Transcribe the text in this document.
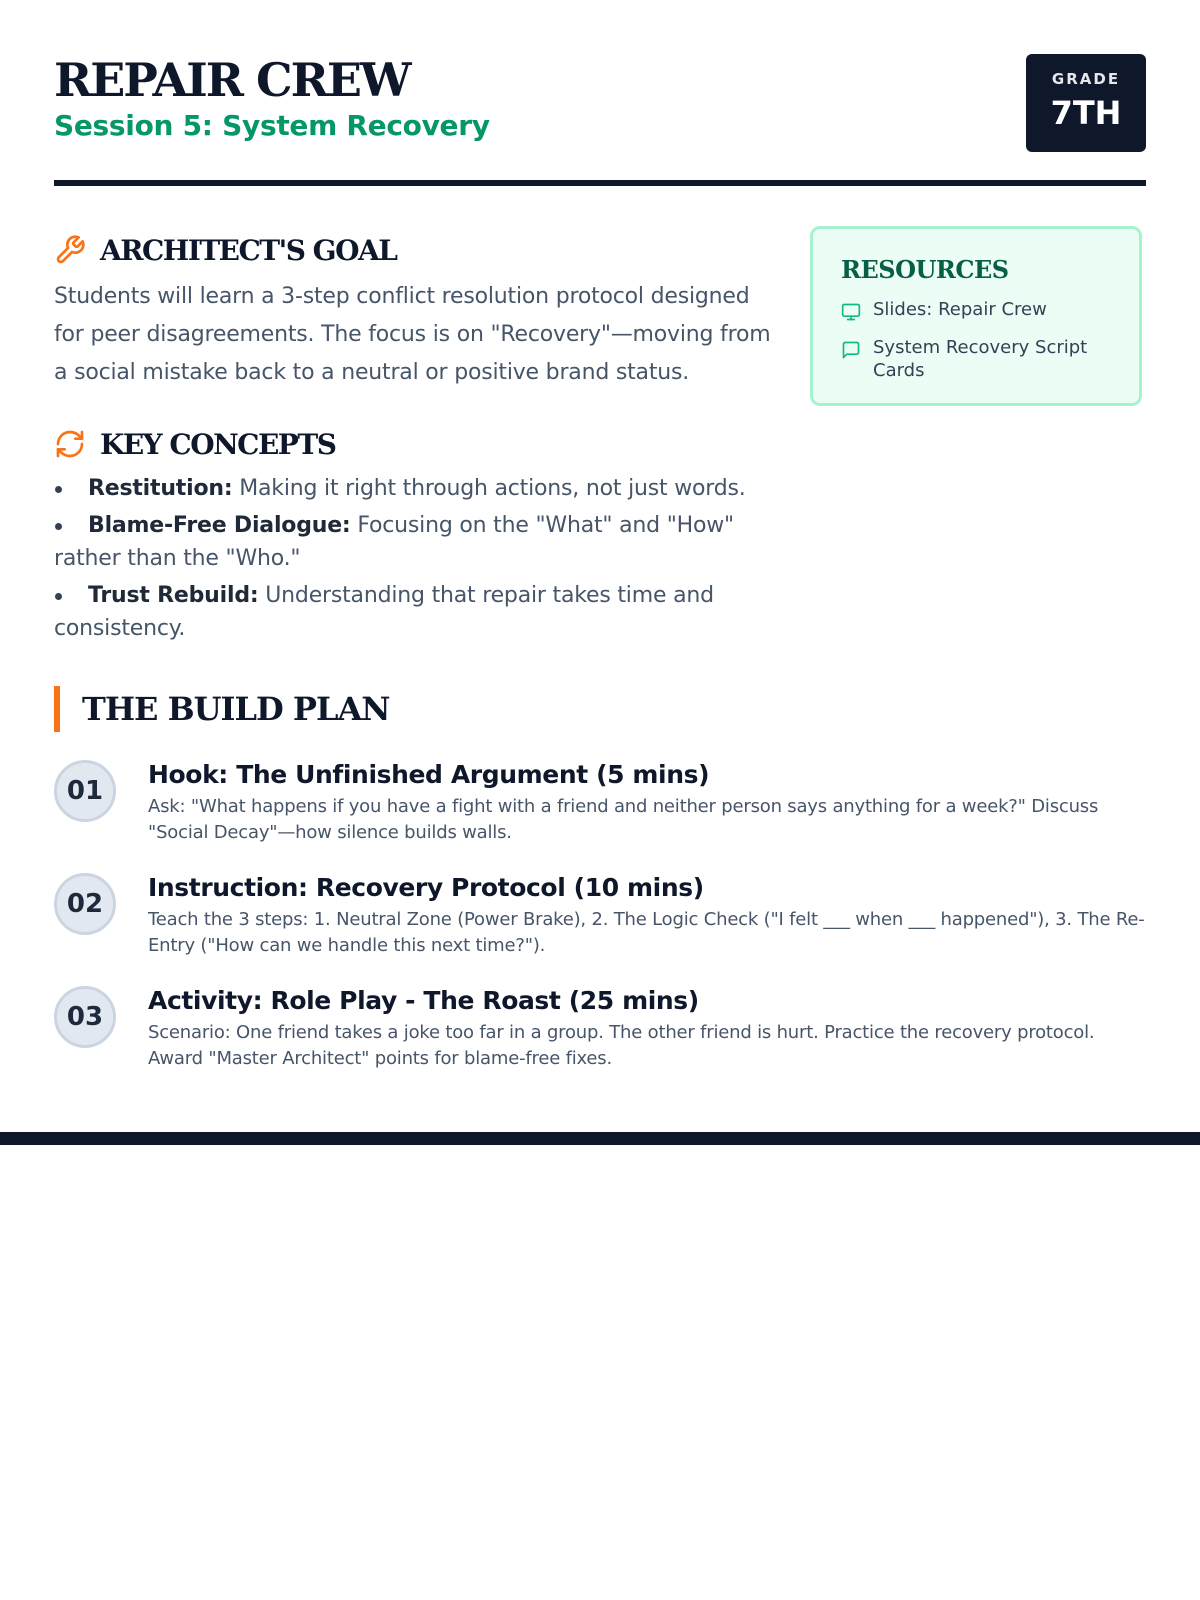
REPAIR CREW

Session 5: System Recovery

GRADE
7TH
ARCHITECT'S GOAL

Students will learn a 3-step conflict resolution protocol designed for peer disagreements. The focus is on "Recovery"—moving from a social mistake back to a neutral or positive brand status.

KEY CONCEPTS
Restitution: Making it right through actions, not just words.
Blame-Free Dialogue: Focusing on the "What" and "How" rather than the "Who."
Trust Rebuild: Understanding that repair takes time and consistency.
RESOURCES
Slides: Repair Crew
System Recovery Script Cards
THE BUILD PLAN
01
Hook: The Unfinished Argument (5 mins)

Ask: "What happens if you have a fight with a friend and neither person says anything for a week?" Discuss "Social Decay"—how silence builds walls.

02
Instruction: Recovery Protocol (10 mins)

Teach the 3 steps: 1. Neutral Zone (Power Brake), 2. The Logic Check ("I felt ___ when ___ happened"), 3. The Re-Entry ("How can we handle this next time?").

03
Activity: Role Play - The Roast (25 mins)

Scenario: One friend takes a joke too far in a group. The other friend is hurt. Practice the recovery protocol. Award "Master Architect" points for blame-free fixes.
